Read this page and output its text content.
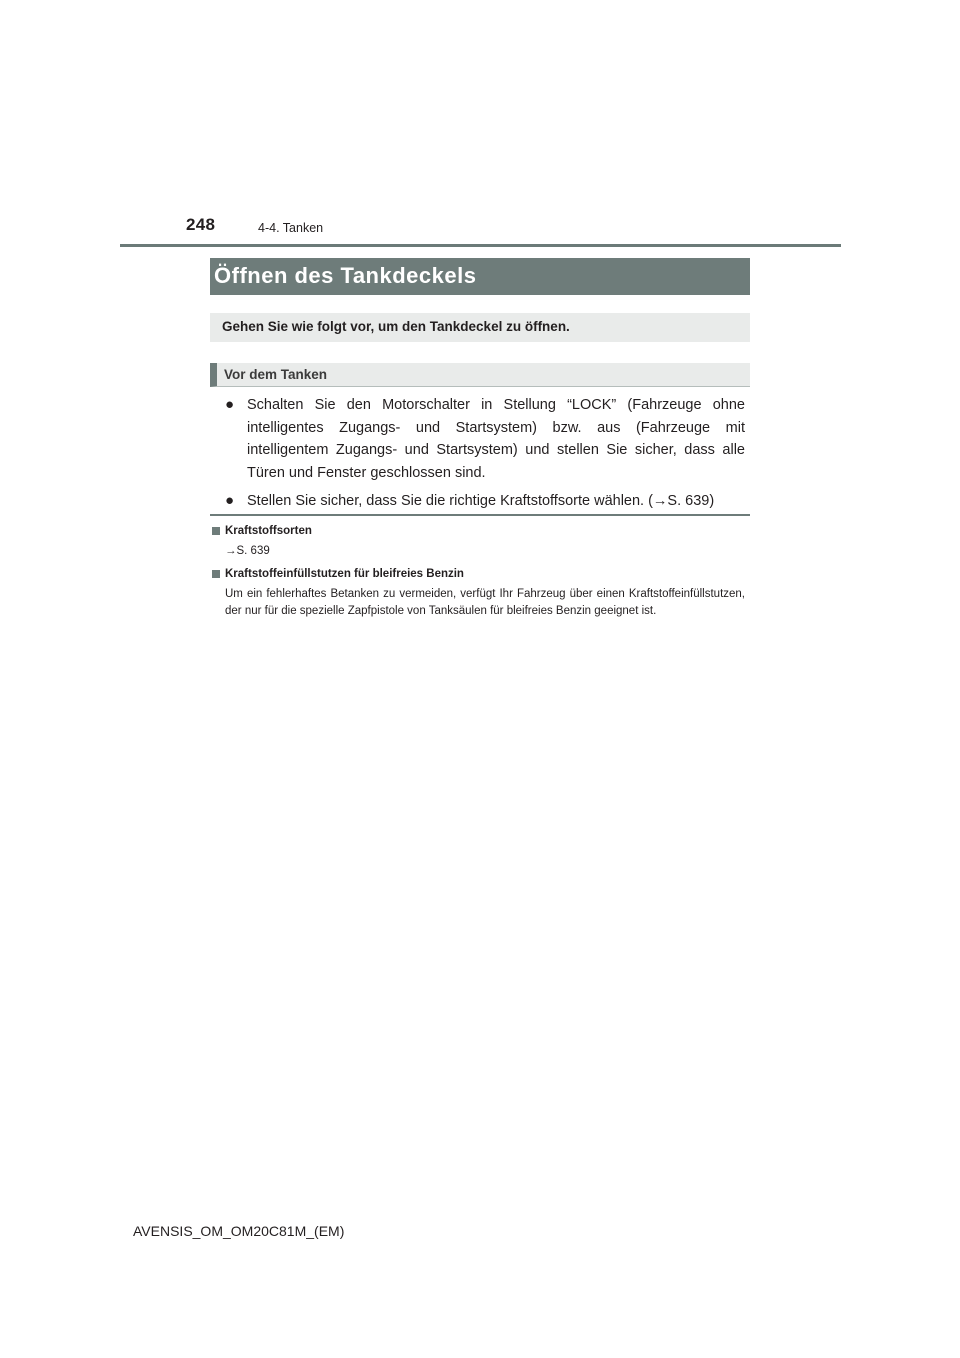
248	4-4. Tanken
Öffnen des Tankdeckels
Gehen Sie wie folgt vor, um den Tankdeckel zu öffnen.
Vor dem Tanken
● Schalten Sie den Motorschalter in Stellung “LOCK” (Fahrzeuge ohne intelligentes Zugangs- und Startsystem) bzw. aus (Fahrzeuge mit intelligentem Zugangs- und Startsystem) und stellen Sie sicher, dass alle Türen und Fenster geschlossen sind.
● Stellen Sie sicher, dass Sie die richtige Kraftstoffsorte wählen. (→S. 639)
Kraftstoffsorten
→S. 639
Kraftstoffeinfüllstutzen für bleifreies Benzin
Um ein fehlerhaftes Betanken zu vermeiden, verfügt Ihr Fahrzeug über einen Kraftstoffeinfüllstutzen, der nur für die spezielle Zapfpistole von Tanksäulen für bleifreies Benzin geeignet ist.
AVENSIS_OM_OM20C81M_(EM)
